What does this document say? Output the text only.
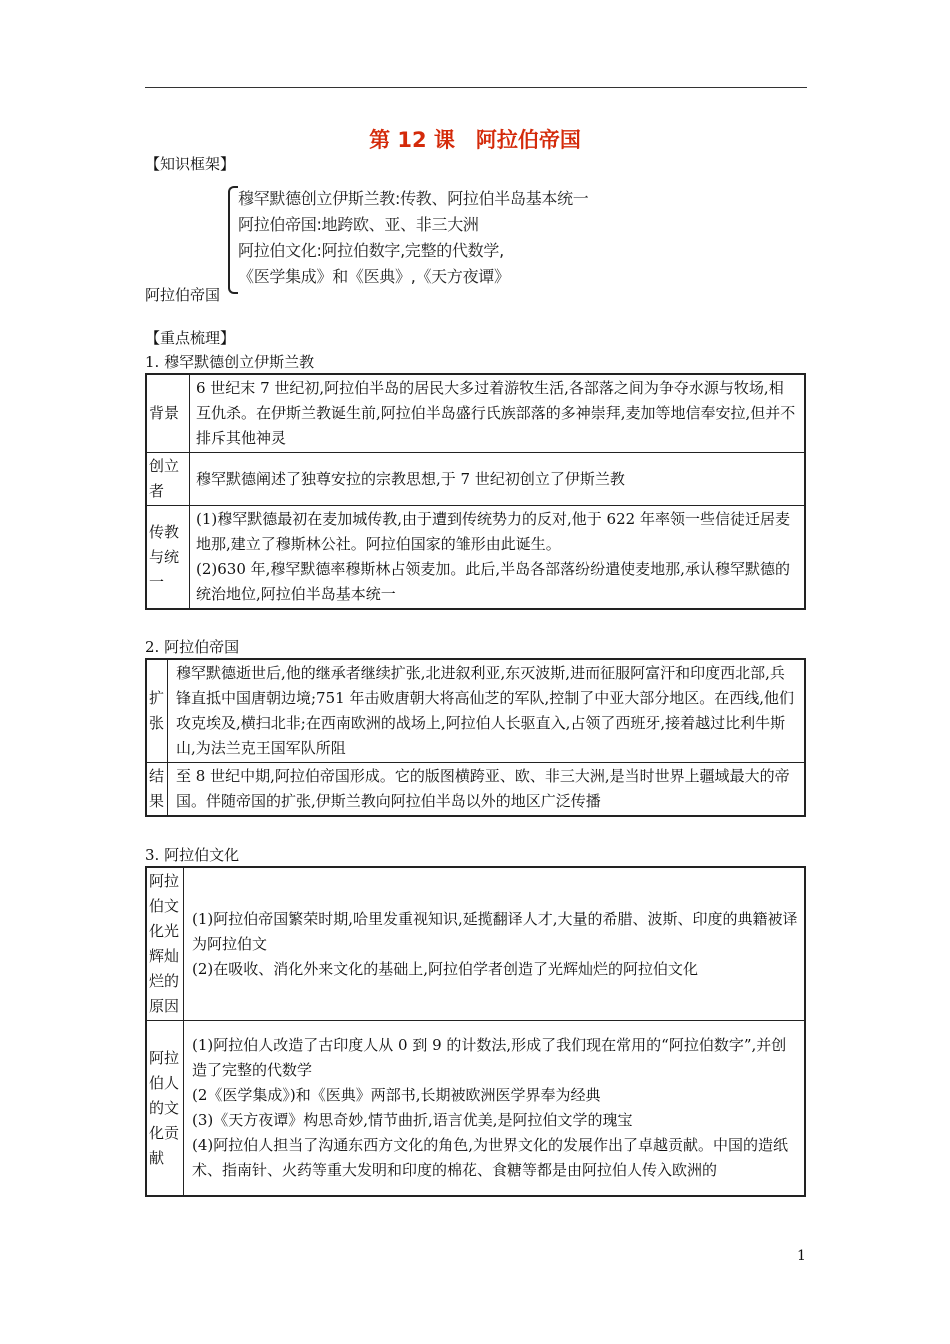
第 12 课　阿拉伯帝国
【知识框架】
穆罕默德创立伊斯兰教:传教、阿拉伯半岛基本统一
阿拉伯帝国:地跨欧、亚、非三大洲
阿拉伯文化:阿拉伯数字,完整的代数学,
《医学集成》和《医典》,《天方夜谭》
阿拉伯帝国
【重点梳理】
1. 穆罕默德创立伊斯兰教
背景	6 世纪末 7 世纪初,阿拉伯半岛的居民大多过着游牧生活,各部落之间为争夺水源与牧场,相互仇杀。在伊斯兰教诞生前,阿拉伯半岛盛行氏族部落的多神崇拜,麦加等地信奉安拉,但并不排斥其他神灵
创立者	穆罕默德阐述了独尊安拉的宗教思想,于 7 世纪初创立了伊斯兰教
传教与统一	(1)穆罕默德最初在麦加城传教,由于遭到传统势力的反对,他于 622 年率领一些信徒迁居麦地那,建立了穆斯林公社。阿拉伯国家的雏形由此诞生。
(2)630 年,穆罕默德率穆斯林占领麦加。此后,半岛各部落纷纷遣使麦地那,承认穆罕默德的统治地位,阿拉伯半岛基本统一
2. 阿拉伯帝国
扩张	穆罕默德逝世后,他的继承者继续扩张,北进叙利亚,东灭波斯,进而征服阿富汗和印度西北部,兵锋直抵中国唐朝边境;751 年击败唐朝大将高仙芝的军队,控制了中亚大部分地区。在西线,他们攻克埃及,横扫北非;在西南欧洲的战场上,阿拉伯人长驱直入,占领了西班牙,接着越过比利牛斯山,为法兰克王国军队所阻
结果	至 8 世纪中期,阿拉伯帝国形成。它的版图横跨亚、欧、非三大洲,是当时世界上疆域最大的帝国。伴随帝国的扩张,伊斯兰教向阿拉伯半岛以外的地区广泛传播
3. 阿拉伯文化
阿拉伯文化光辉灿烂的原因	(1)阿拉伯帝国繁荣时期,哈里发重视知识,延揽翻译人才,大量的希腊、波斯、印度的典籍被译为阿拉伯文
(2)在吸收、消化外来文化的基础上,阿拉伯学者创造了光辉灿烂的阿拉伯文化

阿拉伯人的文化贡献	(1)阿拉伯人改造了古印度人从 0 到 9 的计数法,形成了我们现在常用的“阿拉伯数字”,并创造了完整的代数学
(2《医学集成》)和《医典》两部书,长期被欧洲医学界奉为经典
(3)《天方夜谭》构思奇妙,情节曲折,语言优美,是阿拉伯文学的瑰宝
(4)阿拉伯人担当了沟通东西方文化的角色,为世界文化的发展作出了卓越贡献。中国的造纸术、指南针、火药等重大发明和印度的棉花、食糖等都是由阿拉伯人传入欧洲的
1
